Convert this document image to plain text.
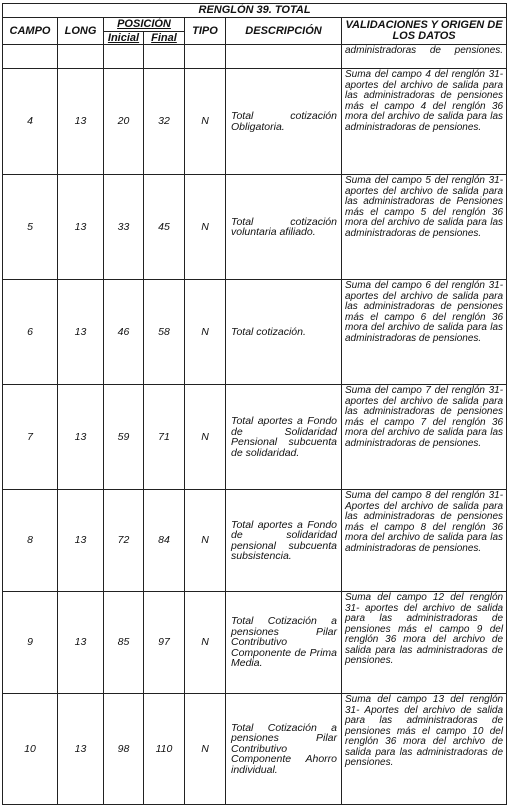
RENGLÓN 39. TOTAL						
CAMPO	LONG	POSICIÓN		TIPO	DESCRIPCIÓN	VALIDACIONES Y ORIGEN DE LOS DATOS
		Inicial	Final			
						administradoras de pensiones.
4	13	20	32	N	Total cotización Obligatoria.	Suma del campo 4 del renglón 31- aportes del archivo de salida para las administradoras de pensiones más el campo 4 del renglón 36 mora del archivo de salida para las administradoras de pensiones.
5	13	33	45	N	Total cotización voluntaria afiliado.	Suma del campo 5 del renglón 31- aportes del archivo de salida para las administradoras de Pensiones más el campo 5 del renglón 36 mora del archivo de salida para las administradoras de pensiones.
6	13	46	58	N	Total cotización.	Suma del campo 6 del renglón 31- aportes del archivo de salida para las administradoras de pensiones más el campo 6 del renglón 36 mora del archivo de salida para las administradoras de pensiones.
7	13	59	71	N	Total aportes a Fondo de Solidaridad Pensional subcuenta de solidaridad.	Suma del campo 7 del renglón 31- aportes del archivo de salida para las administradoras de pensiones más el campo 7 del renglón 36 mora del archivo de salida para las administradoras de pensiones.
8	13	72	84	N	Total aportes a Fondo de solidaridad pensional subcuenta subsistencia.	Suma del campo 8 del renglón 31- Aportes del archivo de salida para las administradoras de pensiones más el campo 8 del renglón 36 mora del archivo de salida para las administradoras de pensiones.
9	13	85	97	N	Total Cotización a pensiones Pilar Contributivo Componente de Prima Media.	Suma del campo 12 del renglón 31- aportes del archivo de salida para las administradoras de pensiones más el campo 9 del renglón 36 mora del archivo de salida para las administradoras de pensiones.
10	13	98	110	N	Total Cotización a pensiones Pilar Contributivo Componente Ahorro individual.	Suma del campo 13 del renglón 31- Aportes del archivo de salida para las administradoras de pensiones más el campo 10 del renglón 36 mora del archivo de salida para las administradoras de pensiones.
